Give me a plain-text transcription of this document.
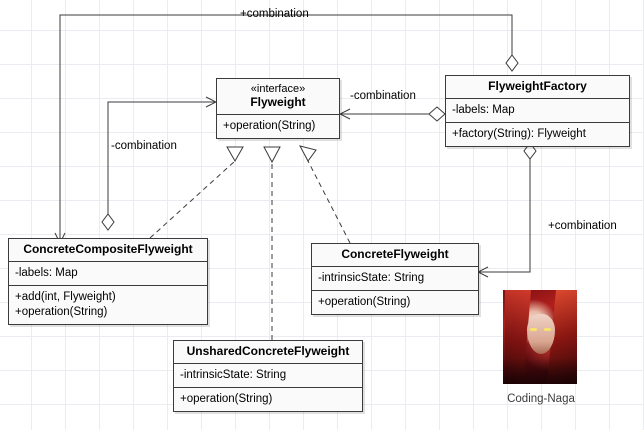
«interface»
Flyweight
+operation(String)
FlyweightFactory
-labels: Map
+factory(String): Flyweight
ConcreteCompositeFlyweight
-labels: Map
+add(int, Flyweight)
+operation(String)
ConcreteFlyweight
-intrinsicState: String
+operation(String)
UnsharedConcreteFlyweight
-intrinsicState: String
+operation(String)
+combination
-combination
-combination
+combination
Coding-Naga
